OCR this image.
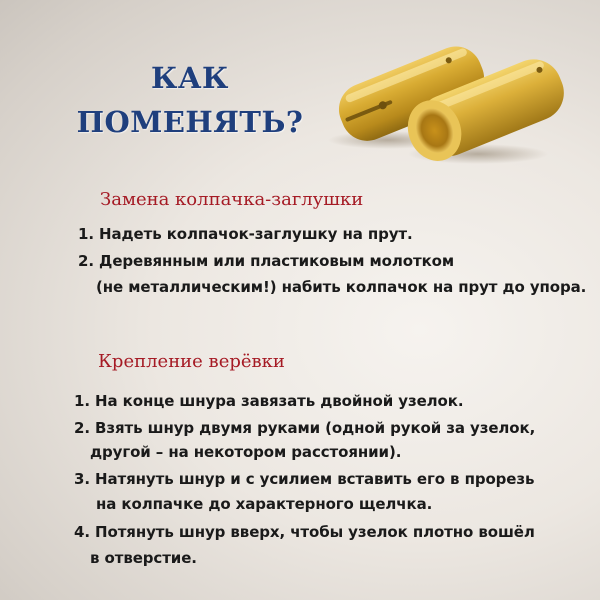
КАК
ПОМЕНЯТЬ?
Замена колпачка-заглушки
1. Надеть колпачок-заглушку на прут.
2. Деревянным или пластиковым молотком
(не металлическим!) набить колпачок на прут до упора.
Крепление верёвки
1. На конце шнура завязать двойной узелок.
2. Взять шнур двумя руками (одной рукой за узелок,
другой – на некотором расстоянии).
3. Натянуть шнур и с усилием вставить его в прорезь
на колпачке до характерного щелчка.
4. Потянуть шнур вверх, чтобы узелок плотно вошёл
в отверстие.
